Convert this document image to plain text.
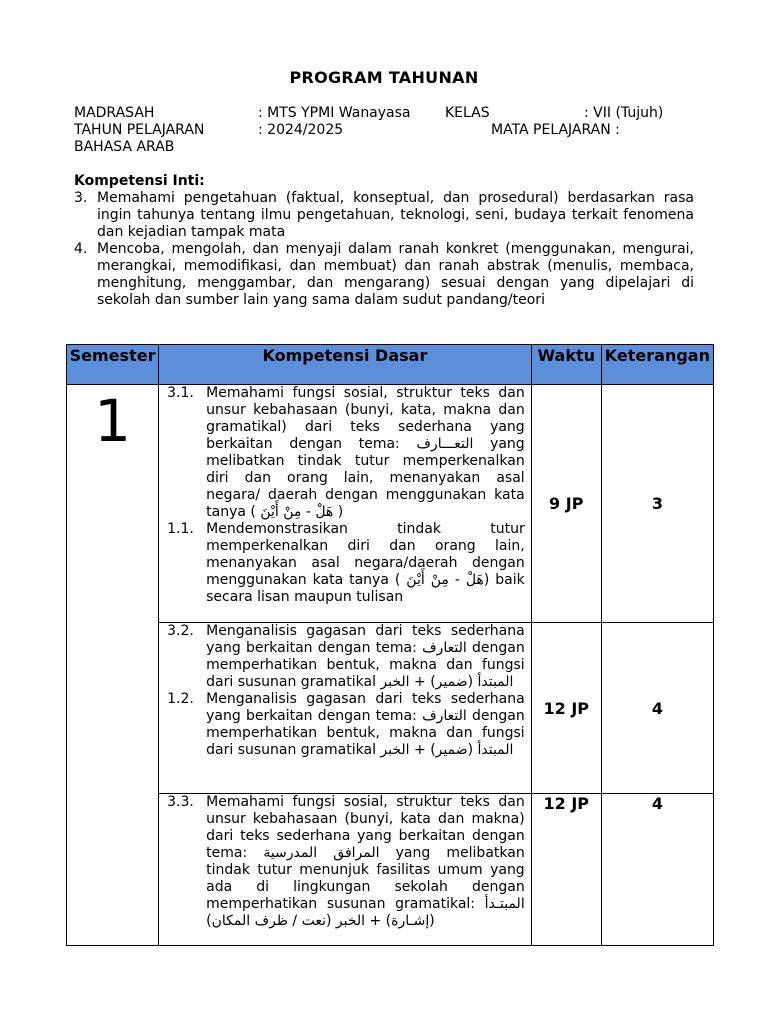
PROGRAM TAHUNAN
MADRASAH	: MTS YPMI Wanayasa KELAS	: VII (Tujuh)
TAHUN PELAJARAN	: 2024/2025	MATA PELAJARAN :
BAHASA ARAB
Kompetensi Inti:
3. Memahami pengetahuan (faktual, konseptual, dan prosedural) berdasarkan rasa ingin tahunya tentang ilmu pengetahuan, teknologi, seni, budaya terkait fenomena dan kejadian tampak mata
4. Mencoba, mengolah, dan menyaji dalam ranah konkret (menggunakan, mengurai, merangkai, memodifikasi, dan membuat) dan ranah abstrak (menulis, membaca, menghitung, menggambar, dan mengarang) sesuai dengan yang dipelajari di sekolah dan sumber lain yang sama dalam sudut pandang/teori
Semester	Kompetensi Dasar	Waktu	Keterangan

1	3.1. Memahami fungsi sosial, struktur teks dan unsur kebahasaan (bunyi, kata, makna dan gramatikal) dari teks sederhana yang berkaitan dengan tema: التعـــارف yang melibatkan tindak tutur memperkenalkan diri dan orang lain, menanyakan asal negara/ daerah dengan menggunakan kata tanya ( هَلْ - مِنْ أَيْنَ )
1.1. Mendemonstrasikan tindak tutur memperkenalkan diri dan orang lain, menanyakan asal negara/daerah dengan menggunakan kata tanya ( هَلْ - مِنْ أَيْنَ) baik secara lisan maupun tulisan	9 JP	3

	3.2. Menganalisis gagasan dari teks sederhana yang berkaitan dengan tema: التعارف dengan memperhatikan bentuk, makna dan fungsi dari susunan gramatikal المبتدأ (ضمير) + الخبر
1.2. Menganalisis gagasan dari teks sederhana yang berkaitan dengan tema: التعارف dengan memperhatikan bentuk, makna dan fungsi dari susunan gramatikal المبتدأ (ضمير) + الخبر	12 JP	4

	3.3. Memahami fungsi sosial, struktur teks dan unsur kebahasaan (bunyi, kata dan makna) dari teks sederhana yang berkaitan dengan tema: المرافق المدرسية yang melibatkan tindak tutur menunjuk fasilitas umum yang ada di lingkungan sekolah dengan memperhatikan susunan gramatikal: المبتـدأ (إشـارة) + الخبر (نعت / ظرف المكان)	12 JP	4
